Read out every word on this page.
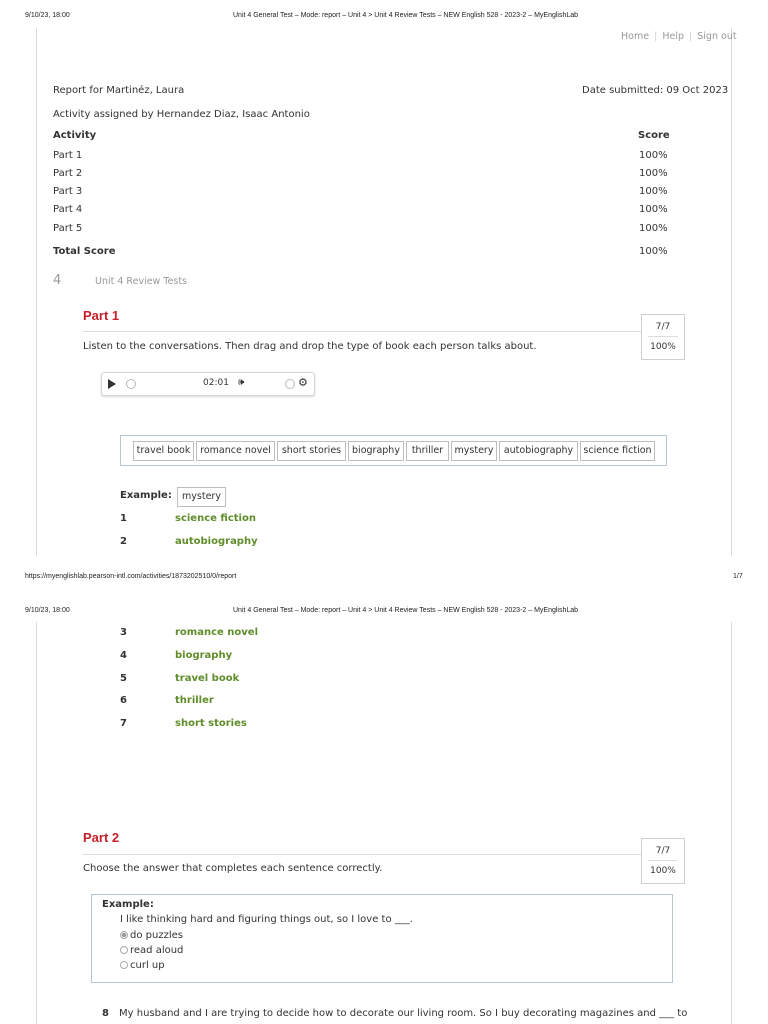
9/10/23, 18:00	Unit 4 General Test – Mode: report – Unit 4 > Unit 4 Review Tests – NEW English 528 - 2023-2 – MyEnglishLab
Home | Help | Sign out
Report for Martinéz, Laura	Date submitted: 09 Oct 2023
Activity assigned by Hernandez Diaz, Isaac Antonio
Activity	Score
Part 1	100%
Part 2	100%
Part 3	100%
Part 4	100%
Part 5	100%
Total Score	100%
4	Unit 4 Review Tests
Part 1
7/7
100%
Listen to the conversations. Then drag and drop the type of book each person talks about.
02:01 🕪	⚙
travel book	romance novel	short stories	biography	thriller	mystery	autobiography	science fiction
Example:	mystery
1	science fiction
2	autobiography
https://myenglishlab.pearson-intl.com/activities/1873202510/0/report	1/7
9/10/23, 18:00	Unit 4 General Test – Mode: report – Unit 4 > Unit 4 Review Tests – NEW English 528 - 2023-2 – MyEnglishLab
3	romance novel
4	biography
5	travel book
6	thriller
7	short stories
Part 2
7/7
100%
Choose the answer that completes each sentence correctly.
Example:
I like thinking hard and figuring things out, so I love to ___.
do puzzles
read aloud
curl up
8 My husband and I are trying to decide how to decorate our living room. So I buy decorating magazines and ___ to
